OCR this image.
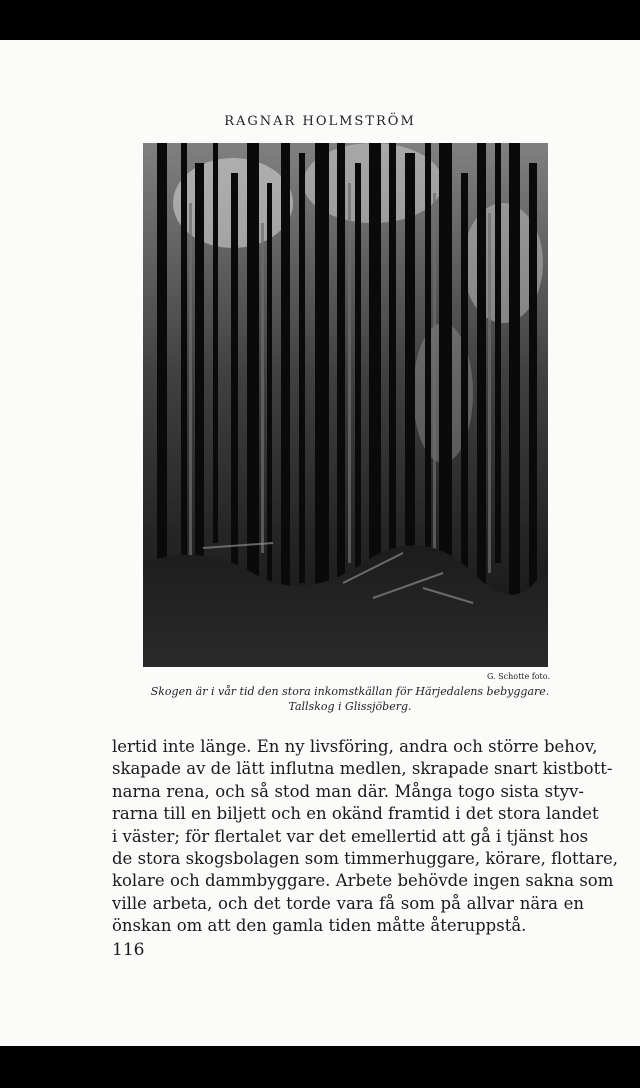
RAGNAR HOLMSTRÖM
G. Schotte foto.
Skogen är i vår tid den stora inkomstkällan för Härjedalens bebyggare.
Tallskog i Glissjöberg.
lertid inte länge. En ny livsföring, andra och större behov,
skapade av de lätt influtna medlen, skrapade snart kistbott-
narna rena, och så stod man där. Många togo sista styv-
rarna till en biljett och en okänd framtid i det stora landet
i väster; för flertalet var det emellertid att gå i tjänst hos
de stora skogsbolagen som timmerhuggare, körare, flottare,
kolare och dammbyggare. Arbete behövde ingen sakna som
ville arbeta, och det torde vara få som på allvar nära en
önskan om att den gamla tiden måtte återuppstå.
116
